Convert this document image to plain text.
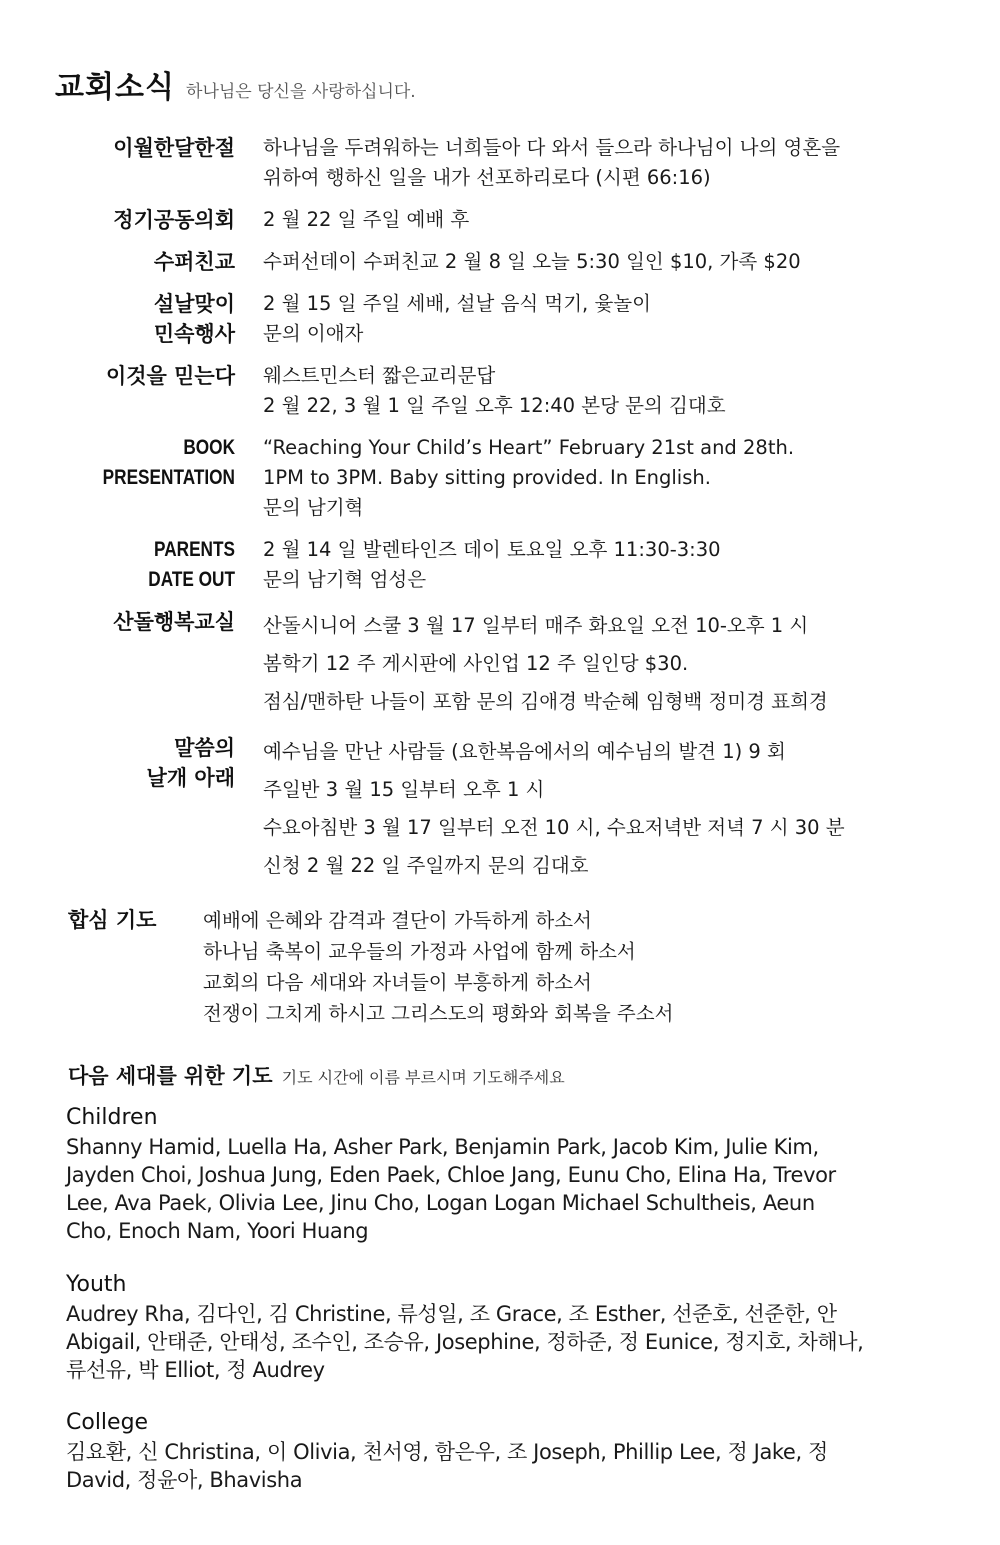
교회소식 하나님은 당신을 사랑하십니다.
이월한달한절 하나님을 두려워하는 너희들아 다 와서 들으라 하나님이 나의 영혼을
위하여 행하신 일을 내가 선포하리로다 (시편 66:16)
정기공동의회 2 월 22 일 주일 예배 후
수퍼친교 수퍼선데이 수퍼친교 2 월 8 일 오늘 5:30 일인 $10, 가족 $20
설날맞이
민속행사
2 월 15 일 주일 세배, 설날 음식 먹기, 윷놀이
문의 이애자
이것을 믿는다 웨스트민스터 짧은교리문답
2 월 22, 3 월 1 일 주일 오후 12:40 본당 문의 김대호
BOOK
PRESENTATION
“Reaching Your Child’s Heart” February 21st and 28th.
1PM to 3PM. Baby sitting provided. In English.
문의 남기혁
PARENTS
DATE OUT
2 월 14 일 발렌타인즈 데이 토요일 오후 11:30-3:30
문의 남기혁 엄성은
산돌행복교실 산돌시니어 스쿨 3 월 17 일부터 매주 화요일 오전 10-오후 1 시
봄학기 12 주 게시판에 사인업 12 주 일인당 $30.
점심/맨하탄 나들이 포함 문의 김애경 박순혜 임형백 정미경 표희경
말씀의
날개 아래
예수님을 만난 사람들 (요한복음에서의 예수님의 발견 1) 9 회
주일반 3 월 15 일부터 오후 1 시
수요아침반 3 월 17 일부터 오전 10 시, 수요저녁반 저녁 7 시 30 분
신청 2 월 22 일 주일까지 문의 김대호
합심 기도	예배에 은혜와 감격과 결단이 가득하게 하소서
하나님 축복이 교우들의 가정과 사업에 함께 하소서
교회의 다음 세대와 자녀들이 부흥하게 하소서
전쟁이 그치게 하시고 그리스도의 평화와 회복을 주소서
다음 세대를 위한 기도 기도 시간에 이름 부르시며 기도해주세요
Children
Shanny Hamid, Luella Ha, Asher Park, Benjamin Park, Jacob Kim, Julie Kim,
Jayden Choi, Joshua Jung, Eden Paek, Chloe Jang, Eunu Cho, Elina Ha, Trevor
Lee, Ava Paek, Olivia Lee, Jinu Cho, Logan Logan Michael Schultheis, Aeun
Cho, Enoch Nam, Yoori Huang
Youth
Audrey Rha, 김다인, 김 Christine, 류성일, 조 Grace, 조 Esther, 선준호, 선준한, 안
Abigail, 안태준, 안태성, 조수인, 조승유, Josephine, 정하준, 정 Eunice, 정지호, 차해나,
류선유, 박 Elliot, 정 Audrey
College
김요환, 신 Christina, 이 Olivia, 천서영, 함은우, 조 Joseph, Phillip Lee, 정 Jake, 정
David, 정윤아, Bhavisha
